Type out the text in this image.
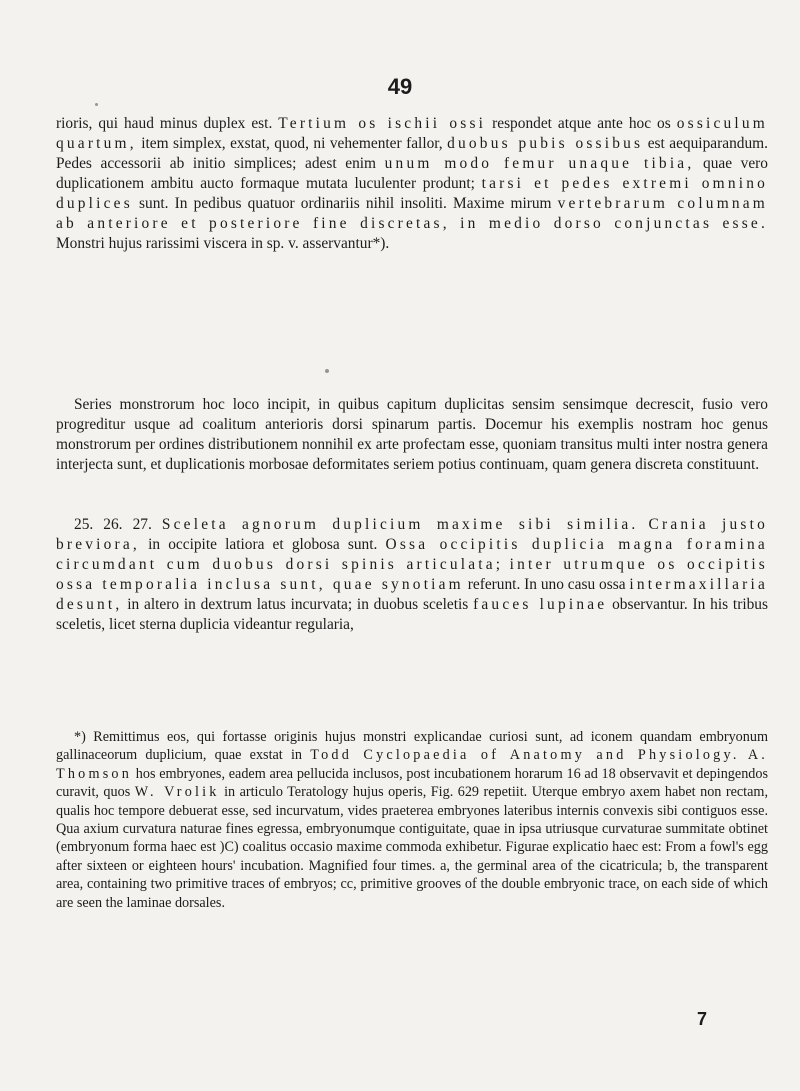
49

rioris, qui haud minus duplex est. Tertium os ischii ossi respondet atque ante hoc os ossiculum quartum, item simplex, exstat, quod, ni vehementer fallor, duobus pubis ossibus est aequiparandum. Pedes accessorii ab initio simplices; adest enim unum modo femur unaque tibia, quae vero duplicationem ambitu aucto formaque mutata luculenter produnt; tarsi et pedes extremi omnino duplices sunt. In pedibus quatuor ordinariis nihil insoliti. Maxime mirum vertebrarum columnam ab anteriore et posteriore fine discretas, in medio dorso conjunctas esse. Monstri hujus rarissimi viscera in sp. v. asservantur*).

Series monstrorum hoc loco incipit, in quibus capitum duplicitas sensim sensimque decrescit, fusio vero progreditur usque ad coalitum anterioris dorsi spinarum partis. Docemur his exemplis nostram hoc genus monstrorum per ordines distributionem nonnihil ex arte profectam esse, quoniam transitus multi inter nostra genera interjecta sunt, et duplicationis morbosae deformitates seriem potius continuam, quam genera discreta constituunt.

25. 26. 27. Sceleta agnorum duplicium maxime sibi similia. Crania justo breviora, in occipite latiora et globosa sunt. Ossa occipitis duplicia magna foramina circumdant cum duobus dorsi spinis articulata; inter utrumque os occipitis ossa temporalia inclusa sunt, quae synotiam referunt. In uno casu ossa intermaxillaria desunt, in altero in dextrum latus incurvata; in duobus sceletis fauces lupinae observantur. In his tribus sceletis, licet sterna duplicia videantur regularia,

*) Remittimus eos, qui fortasse originis hujus monstri explicandae curiosi sunt, ad iconem quandam embryonum gallinaceorum duplicium, quae exstat in Todd Cyclopaedia of Anatomy and Physiology. A. Thomson hos embryones, eadem area pellucida inclusos, post incubationem horarum 16 ad 18 observavit et depingendos curavit, quos W. Vrolik in articulo Teratology hujus operis, Fig. 629 repetiit. Uterque embryo axem habet non rectam, qualis hoc tempore debuerat esse, sed incurvatum, vides praeterea embryones lateribus internis convexis sibi contiguos esse. Qua axium curvatura naturae fines egressa, embryonumque contiguitate, quae in ipsa utriusque curvaturae summitate obtinet (embryonum forma haec est )C) coalitus occasio maxime commoda exhibetur. Figurae explicatio haec est: From a fowl's egg after sixteen or eighteen hours' incubation. Magnified four times. a, the germinal area of the cicatricula; b, the transparent area, containing two primitive traces of embryos; cc, primitive grooves of the double embryonic trace, on each side of which are seen the laminae dorsales.

7
